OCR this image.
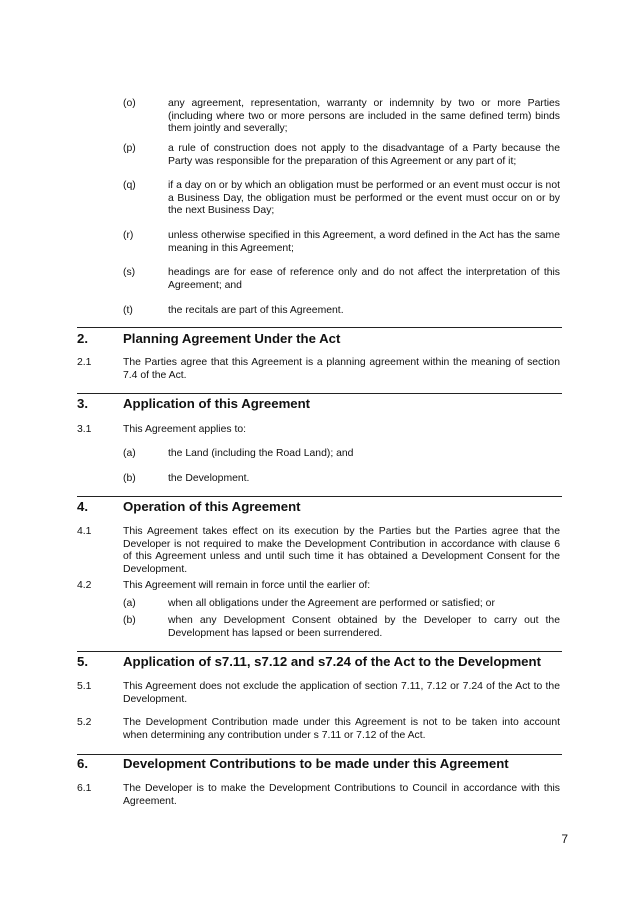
(o)	any agreement, representation, warranty or indemnity by two or more Parties (including where two or more persons are included in the same defined term) binds them jointly and severally;
(p)	a rule of construction does not apply to the disadvantage of a Party because the Party was responsible for the preparation of this Agreement or any part of it;
(q)	if a day on or by which an obligation must be performed or an event must occur is not a Business Day, the obligation must be performed or the event must occur on or by the next Business Day;
(r)	unless otherwise specified in this Agreement, a word defined in the Act has the same meaning in this Agreement;
(s)	headings are for ease of reference only and do not affect the interpretation of this Agreement; and
(t)	the recitals are part of this Agreement.
2.	Planning Agreement Under the Act
2.1	The Parties agree that this Agreement is a planning agreement within the meaning of section 7.4 of the Act.
3.	Application of this Agreement
3.1	This Agreement applies to:
(a)	the Land (including the Road Land); and
(b)	the Development.
4.	Operation of this Agreement
4.1	This Agreement takes effect on its execution by the Parties but the Parties agree that the Developer is not required to make the Development Contribution in accordance with clause 6 of this Agreement unless and until such time it has obtained a Development Consent for the Development.
4.2	This Agreement will remain in force until the earlier of:
(a)	when all obligations under the Agreement are performed or satisfied; or
(b)	when any Development Consent obtained by the Developer to carry out the Development has lapsed or been surrendered.
5.	Application of s7.11, s7.12 and s7.24 of the Act to the Development
5.1	This Agreement does not exclude the application of section 7.11, 7.12 or 7.24 of the Act to the Development.
5.2	The Development Contribution made under this Agreement is not to be taken into account when determining any contribution under s 7.11 or 7.12 of the Act.
6.	Development Contributions to be made under this Agreement
6.1	The Developer is to make the Development Contributions to Council in accordance with this Agreement.
7
